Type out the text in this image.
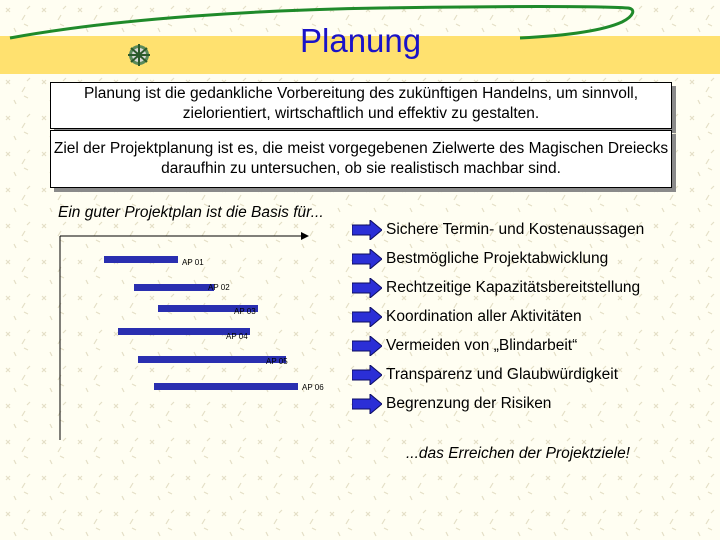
Planung
Planung ist die gedankliche Vorbereitung des zukünftigen Handelns, um sinnvoll, zielorientiert, wirtschaftlich und effektiv zu gestalten.
Ziel der Projektplanung ist es, die meist vorgegebenen Zielwerte des Magischen Dreiecks daraufhin zu untersuchen, ob sie realistisch machbar sind.
Ein guter Projektplan ist die Basis für...
AP 01
AP 02
AP 03
AP 04
AP 05
AP 06
Sichere Termin- und Kostenaussagen
Bestmögliche Projektabwicklung
Rechtzeitige Kapazitätsbereitstellung
Koordination aller Aktivitäten
Vermeiden von „Blindarbeit“
Transparenz und Glaubwürdigkeit
Begrenzung der Risiken
...das Erreichen der Projektziele!
